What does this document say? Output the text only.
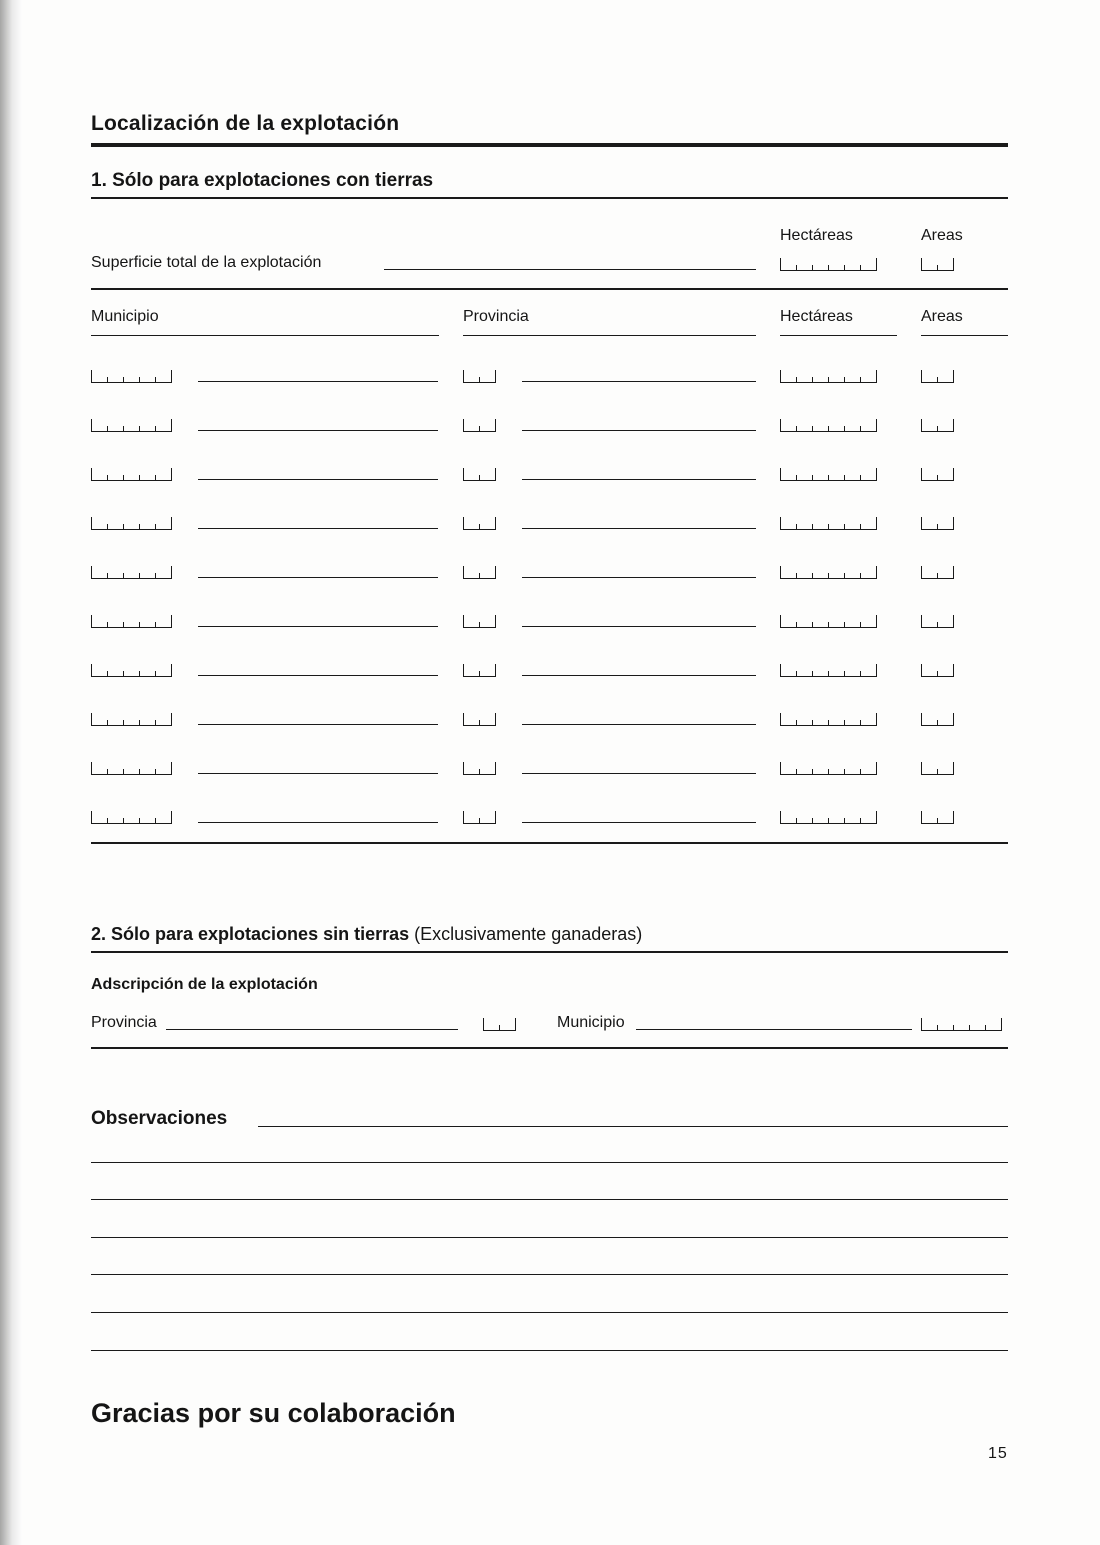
Localización de la explotación
1. Sólo para explotaciones con tierras
Hectáreas	Areas
Superficie total de la explotación
Municipio	Provincia	Hectáreas	Areas
2. Sólo para explotaciones sin tierras (Exclusivamente ganaderas)
Adscripción de la explotación
Provincia	Municipio
Observaciones
Gracias por su colaboración
15
